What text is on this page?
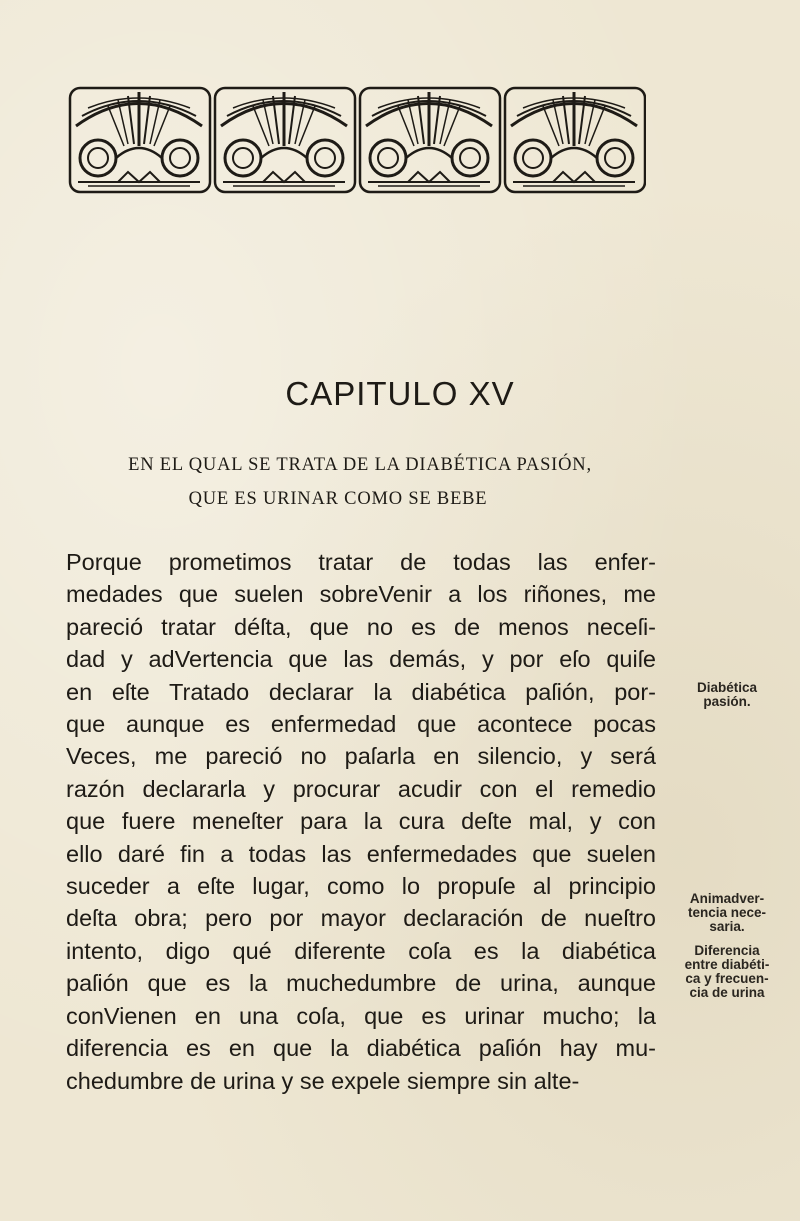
CAPITULO XV
EN EL QUAL SE TRATA DE LA DIABÉTICA PASIÓN,
QUE ES URINAR COMO SE BEBE
Porque prometimos tratar de todas las enfer-
medades que suelen sobreVenir a los riñones, me
pareció tratar déſta, que no es de menos neceſi-
dad y adVertencia que las demás, y por eſo quiſe
en eſte Tratado declarar la diabética paſión, por-
que aunque es enfermedad que acontece pocas
Veces, me pareció no paſarla en silencio, y será
razón declararla y procurar acudir con el remedio
que fuere meneſter para la cura deſte mal, y con
ello daré fin a todas las enfermedades que suelen
suceder a eſte lugar, como lo propuſe al principio
deſta obra; pero por mayor declaración de nueſtro
intento, digo qué diferente coſa es la diabética
paſión que es la muchedumbre de urina, aunque
conVienen en una coſa, que es urinar mucho; la
diferencia es en que la diabética paſión hay mu-
chedumbre de urina y se expele siempre sin alte-
Diabética
pasión.
Animadver-
tencia nece-
saria.
Diferencia
entre diabéti-
ca y frecuen-
cia de urina
